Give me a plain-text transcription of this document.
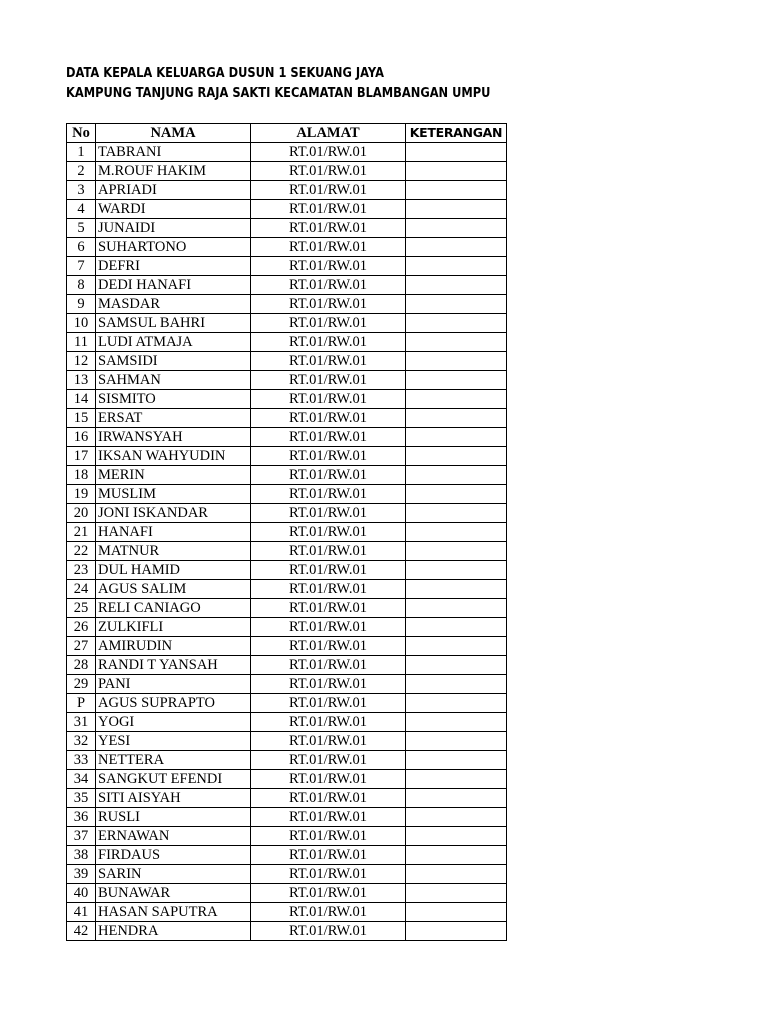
DATA KEPALA KELUARGA DUSUN 1 SEKUANG JAYA
KAMPUNG TANJUNG RAJA SAKTI KECAMATAN BLAMBANGAN UMPU
No	NAMA	ALAMAT	KETERANGAN
1	TABRANI	RT.01/RW.01	
2	M.ROUF HAKIM	RT.01/RW.01	
3	APRIADI	RT.01/RW.01	
4	WARDI	RT.01/RW.01	
5	JUNAIDI	RT.01/RW.01	
6	SUHARTONO	RT.01/RW.01	
7	DEFRI	RT.01/RW.01	
8	DEDI HANAFI	RT.01/RW.01	
9	MASDAR	RT.01/RW.01	
10	SAMSUL BAHRI	RT.01/RW.01	
11	LUDI ATMAJA	RT.01/RW.01	
12	SAMSIDI	RT.01/RW.01	
13	SAHMAN	RT.01/RW.01	
14	SISMITO	RT.01/RW.01	
15	ERSAT	RT.01/RW.01	
16	IRWANSYAH	RT.01/RW.01	
17	IKSAN WAHYUDIN	RT.01/RW.01	
18	MERIN	RT.01/RW.01	
19	MUSLIM	RT.01/RW.01	
20	JONI ISKANDAR	RT.01/RW.01	
21	HANAFI	RT.01/RW.01	
22	MATNUR	RT.01/RW.01	
23	DUL HAMID	RT.01/RW.01	
24	AGUS SALIM	RT.01/RW.01	
25	RELI CANIAGO	RT.01/RW.01	
26	ZULKIFLI	RT.01/RW.01	
27	AMIRUDIN	RT.01/RW.01	
28	RANDI T YANSAH	RT.01/RW.01	
29	PANI	RT.01/RW.01	
P	AGUS SUPRAPTO	RT.01/RW.01	
31	YOGI	RT.01/RW.01	
32	YESI	RT.01/RW.01	
33	NETTERA	RT.01/RW.01	
34	SANGKUT EFENDI	RT.01/RW.01	
35	SITI AISYAH	RT.01/RW.01	
36	RUSLI	RT.01/RW.01	
37	ERNAWAN	RT.01/RW.01	
38	FIRDAUS	RT.01/RW.01	
39	SARIN	RT.01/RW.01	
40	BUNAWAR	RT.01/RW.01	
41	HASAN SAPUTRA	RT.01/RW.01	
42	HENDRA	RT.01/RW.01	
